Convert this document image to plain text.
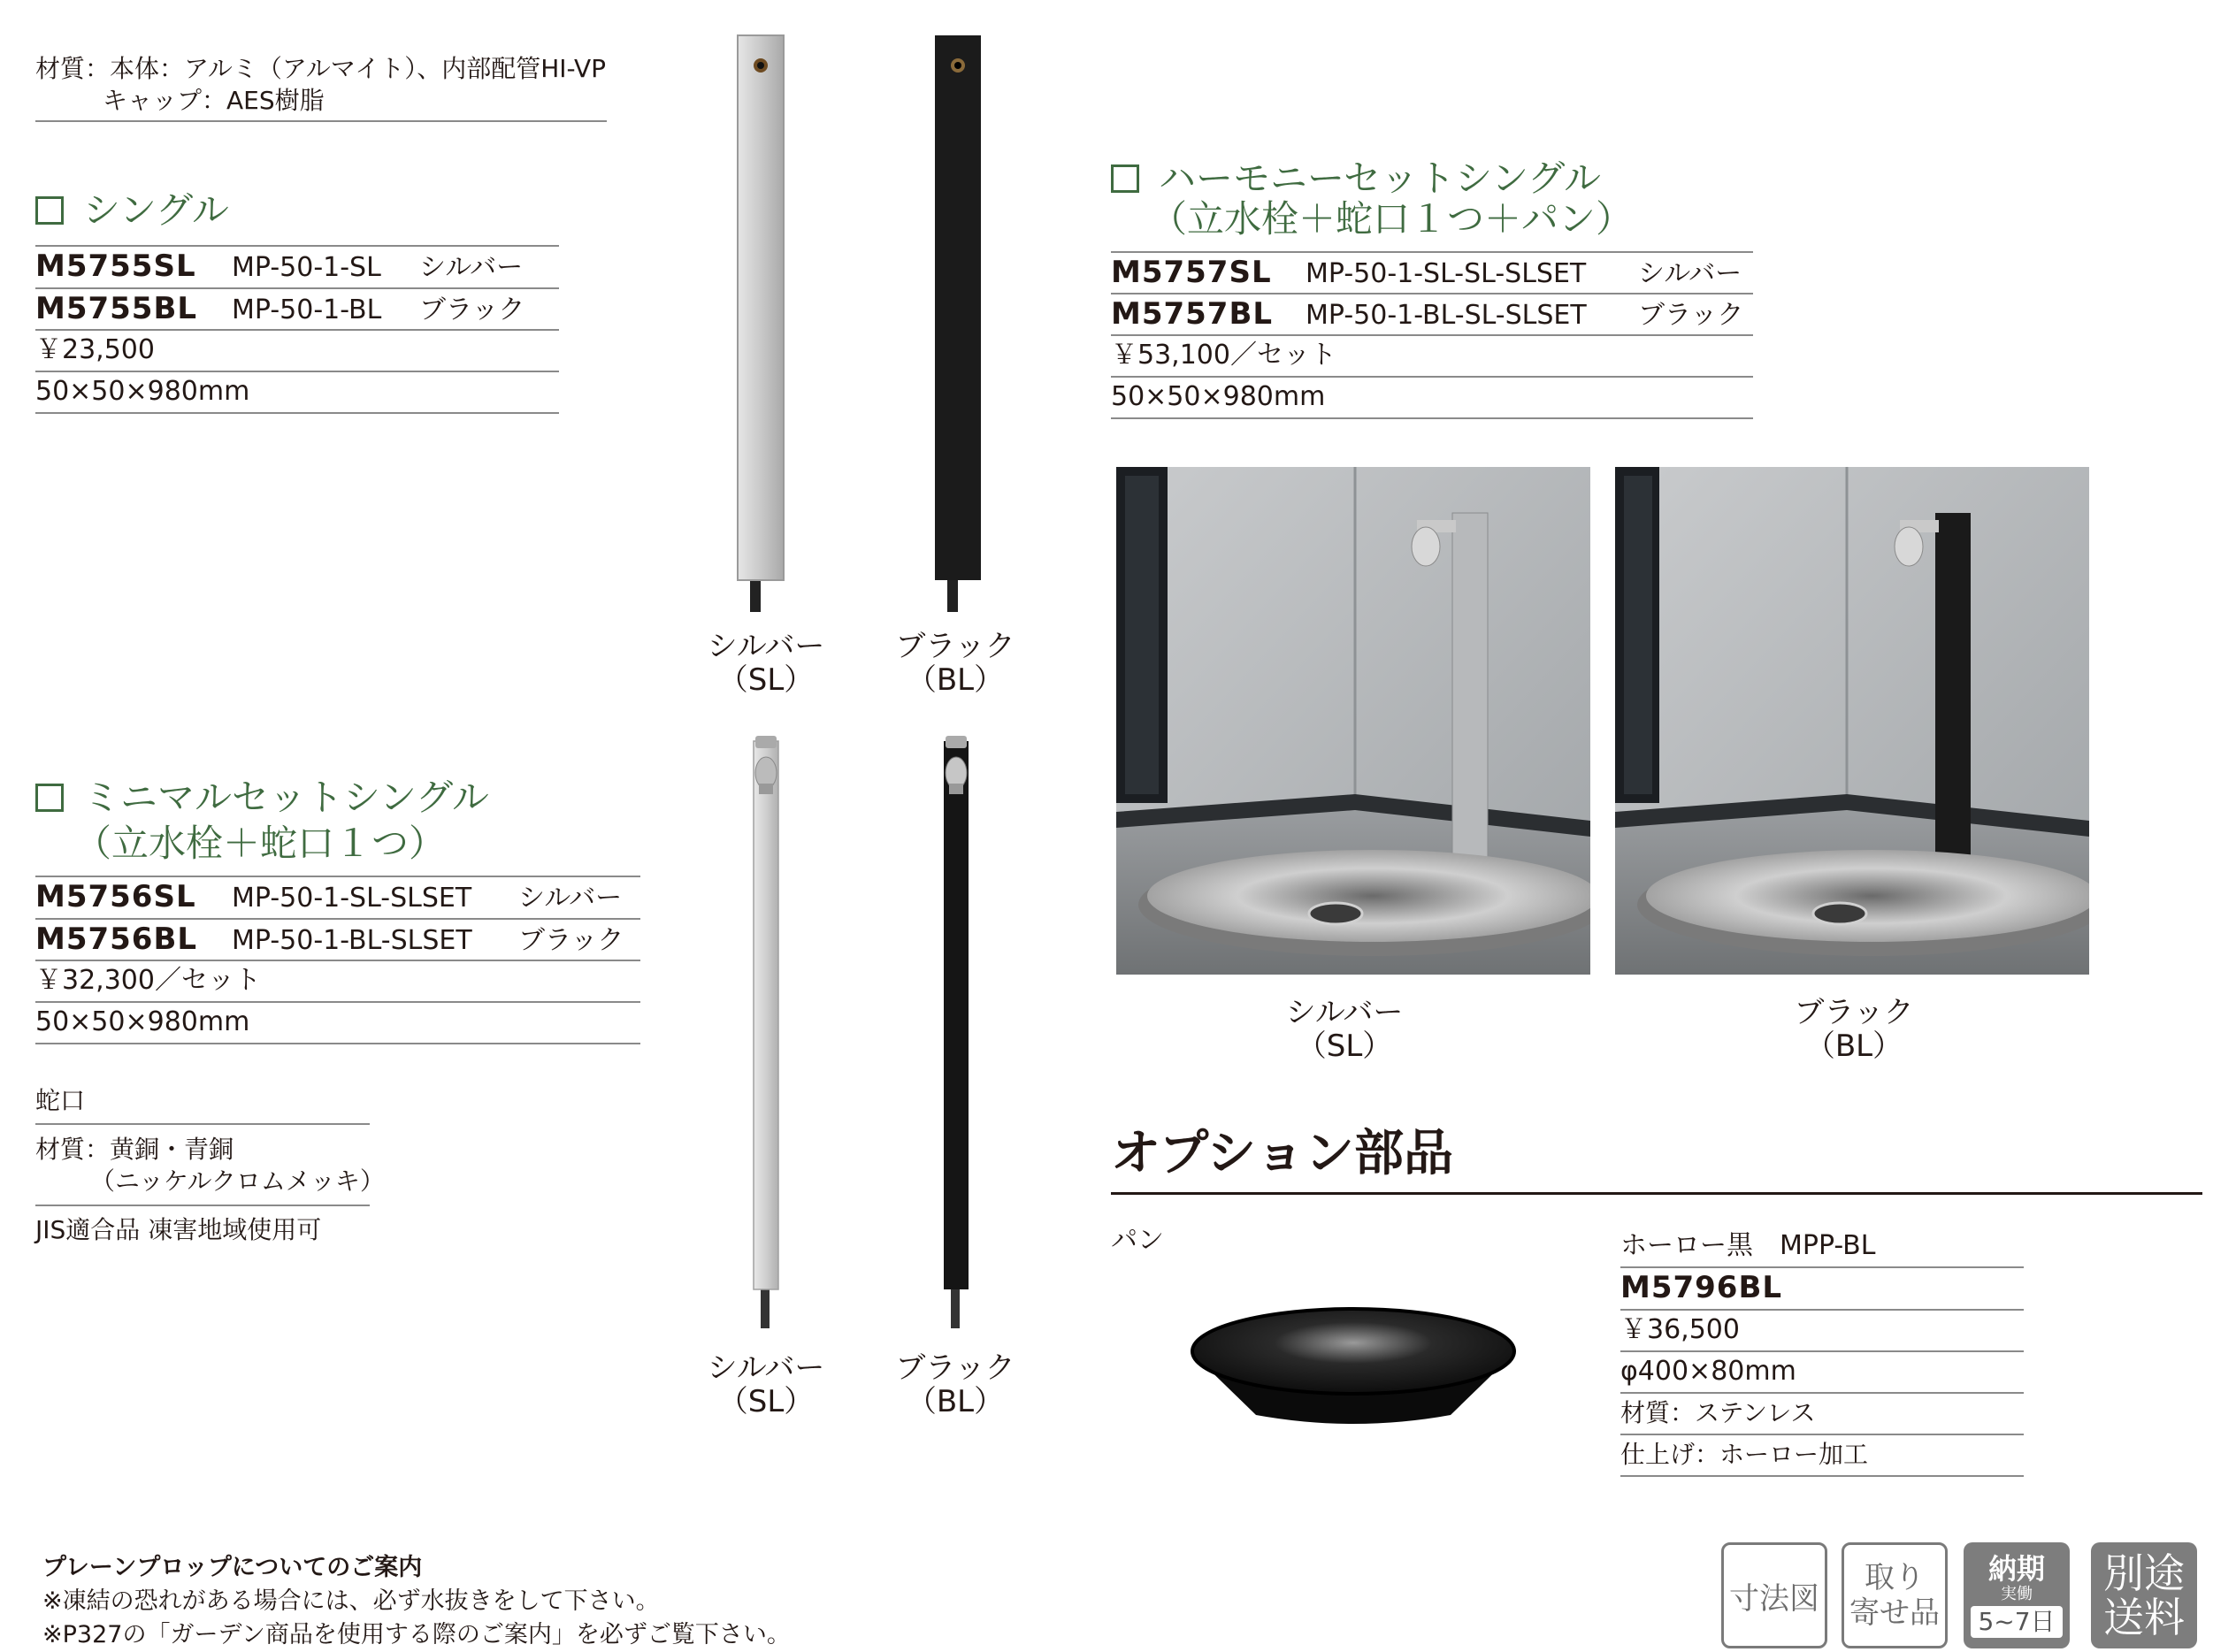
材質：本体：アルミ（アルマイト）、内部配管HI-VP
キャップ：AES樹脂
シングル
M5755SL MP-50-1-SL シルバー
M5755BL MP-50-1-BL ブラック
￥23,500
50×50×980mm
シルバー
（SL）
ブラック
（BL）
ミニマルセットシングル
（立水栓＋蛇口１つ）
M5756SL MP-50-1-SL-SLSET シルバー
M5756BL MP-50-1-BL-SLSET ブラック
￥32,300／セット
50×50×980mm
蛇口
材質：黄銅・青銅
（ニッケルクロムメッキ）
JIS適合品 凍害地域使用可
シルバー
（SL）
ブラック
（BL）
ハーモニーセットシングル
（立水栓＋蛇口１つ＋パン）
M5757SL MP-50-1-SL-SL-SLSET シルバー
M5757BL MP-50-1-BL-SL-SLSET ブラック
￥53,100／セット
50×50×980mm
シルバー
（SL）
ブラック
（BL）
オプション部品
パン	ホーロー黒　MPP-BL
M5796BL
￥36,500
φ400×80mm
材質：ステンレス
仕上げ：ホーロー加工
プレーンプロップについてのご案内
※凍結の恐れがある場合には、必ず水抜きをして下さい。
※P327の「ガーデン商品を使用する際のご案内」を必ずご覧下さい。
寸法図
取り
寄せ品
納期
実働
5~7日
別途
送料
